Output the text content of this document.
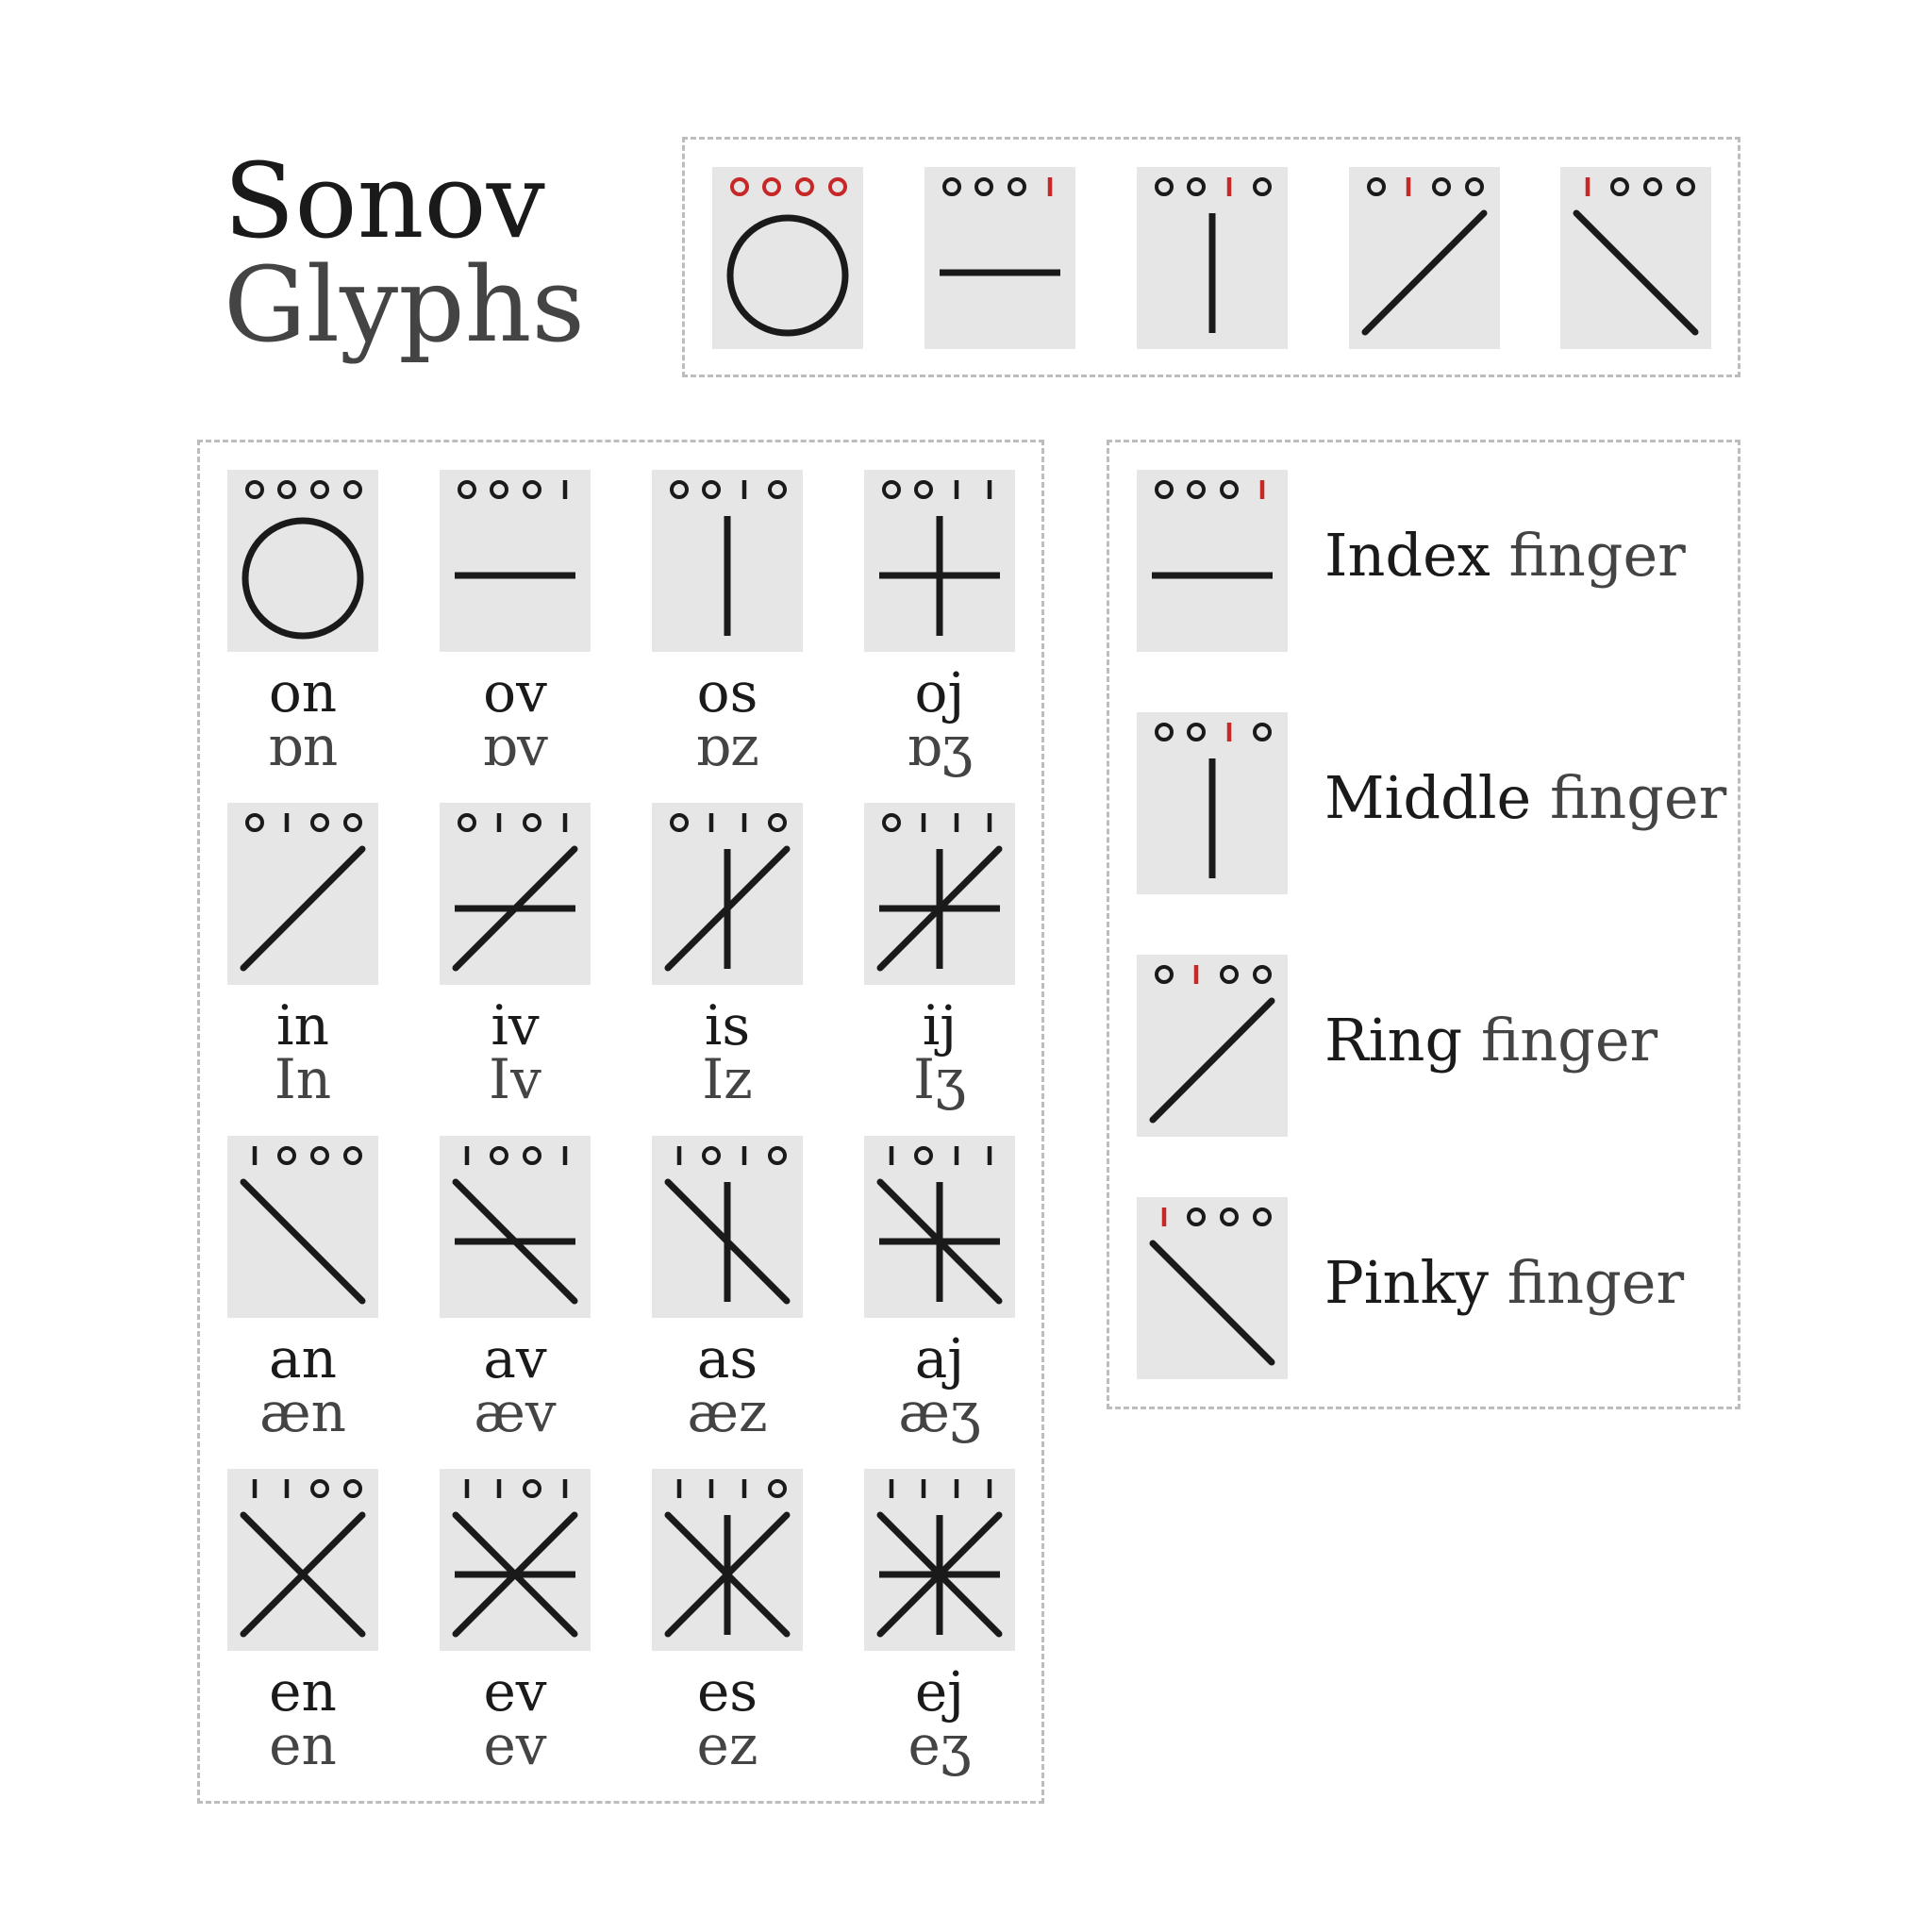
Sonov
Glyphs
on
ɒn
ov
ɒv
os
ɒz
oj
ɒʒ
in
In
iv
Iv
is
Iz
ij
Iʒ
an
æn
av
æv
as
æz
aj
æʒ
en
en
ev
ev
es
ez
ej
eʒ
Index finger
Middle finger
Ring finger
Pinky finger
